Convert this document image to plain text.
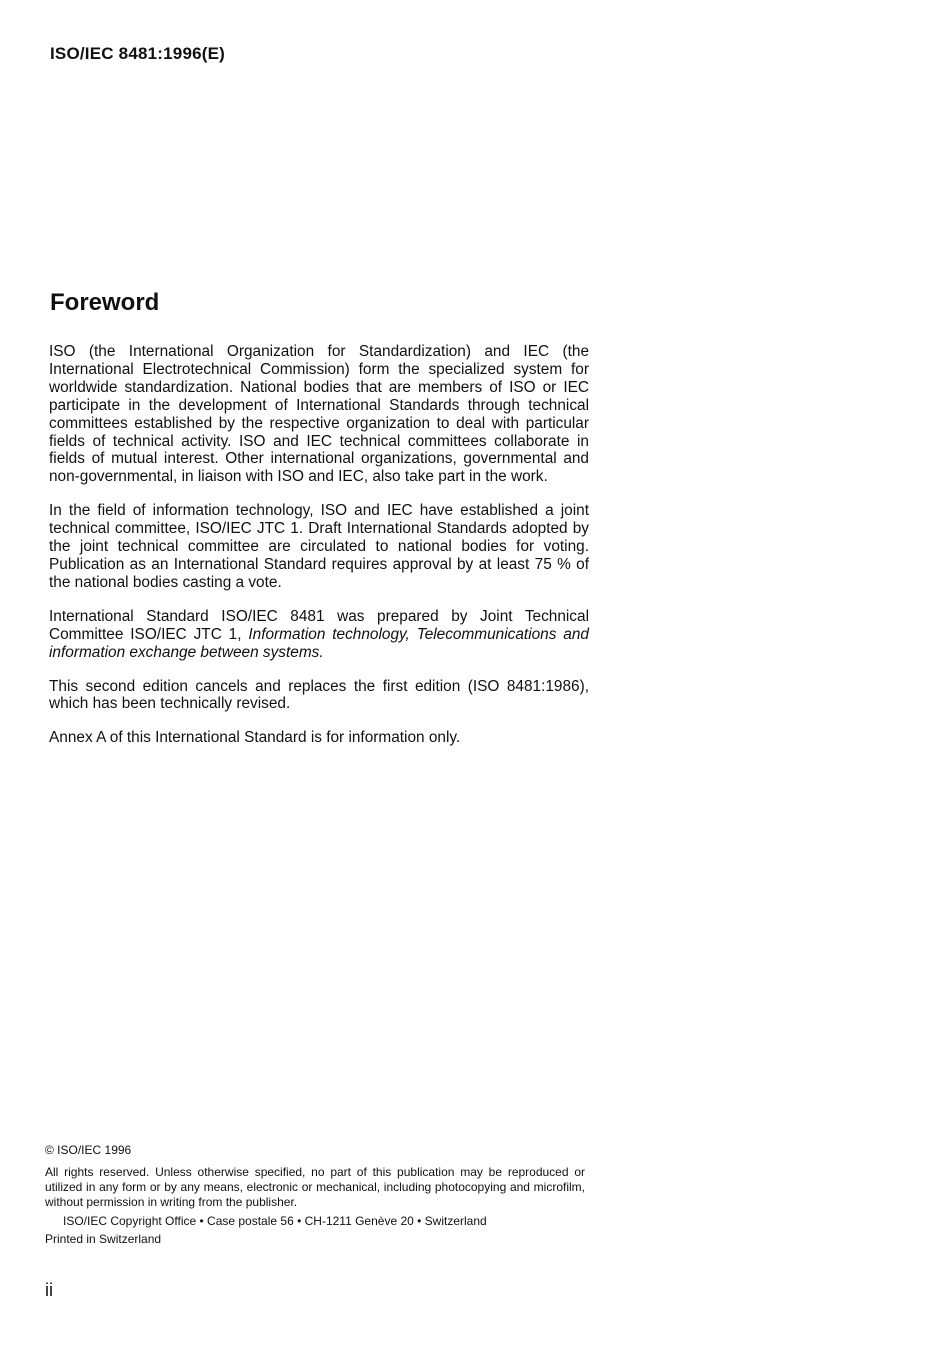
ISO/IEC 8481:1996(E)
Foreword

ISO (the International Organization for Standardization) and IEC (the International Electrotechnical Commission) form the specialized system for worldwide standardization. National bodies that are members of ISO or IEC participate in the development of International Standards through technical committees established by the respective organization to deal with particular fields of technical activity. ISO and IEC technical committees collaborate in fields of mutual interest. Other international organizations, governmental and non-governmental, in liaison with ISO and IEC, also take part in the work.

In the field of information technology, ISO and IEC have established a joint technical committee, ISO/IEC JTC 1. Draft International Standards adopted by the joint technical committee are circulated to national bodies for voting. Publication as an International Standard requires approval by at least 75 % of the national bodies casting a vote.

International Standard ISO/IEC 8481 was prepared by Joint Technical Committee ISO/IEC JTC 1, Information technology, Telecommunications and information exchange between systems.

This second edition cancels and replaces the first edition (ISO 8481:1986), which has been technically revised.

Annex A of this International Standard is for information only.

© ISO/IEC 1996
All rights reserved. Unless otherwise specified, no part of this publication may be reproduced or utilized in any form or by any means, electronic or mechanical, including photocopying and microfilm, without permission in writing from the publisher.
ISO/IEC Copyright Office • Case postale 56 • CH-1211 Genève 20 • Switzerland
Printed in Switzerland
ii
